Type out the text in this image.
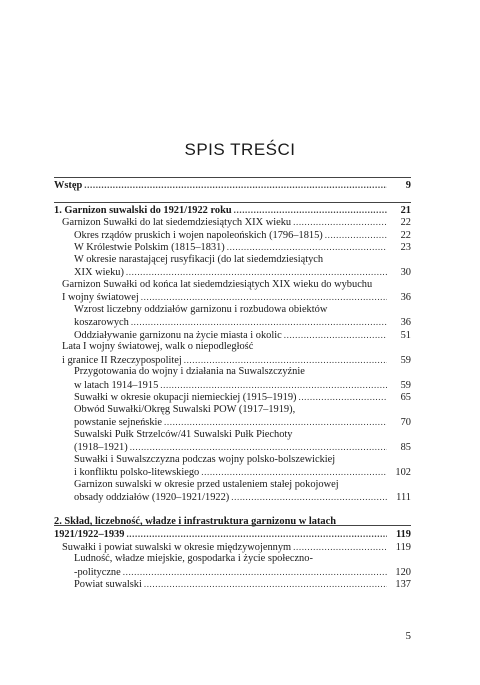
SPIS TREŚCI
Wstęp .....	9
1. Garnizon suwalski do 1921/1922 roku .....	21
Garnizon Suwałki do lat siedemdziesiątych XIX wieku .....	22
Okres rządów pruskich i wojen napoleońskich (1796–1815) .....	22
W Królestwie Polskim (1815–1831) .....	23
W okresie narastającej rusyfikacji (do lat siedemdziesiątych
XIX wieku) .....	30
Garnizon Suwałki od końca lat siedemdziesiątych XIX wieku do wybuchu
I wojny światowej .....	36
Wzrost liczebny oddziałów garnizonu i rozbudowa obiektów
koszarowych .....	36
Oddziaływanie garnizonu na życie miasta i okolic .....	51
Lata I wojny światowej, walk o niepodległość
i granice II Rzeczypospolitej .....	59
Przygotowania do wojny i działania na Suwalszczyźnie
w latach 1914–1915 .....	59
Suwałki w okresie okupacji niemieckiej (1915–1919) .....	65
Obwód Suwałki/Okręg Suwalski POW (1917–1919),
powstanie sejneńskie .....	70
Suwalski Pułk Strzelców/41 Suwalski Pułk Piechoty
(1918–1921) .....	85
Suwałki i Suwalszczyzna podczas wojny polsko-bolszewickiej
i konfliktu polsko-litewskiego .....	102
Garnizon suwalski w okresie przed ustaleniem stałej pokojowej
obsady oddziałów (1920–1921/1922) .....	111
2. Skład, liczebność, władze i infrastruktura garnizonu w latach
1921/1922–1939 .....	119
Suwałki i powiat suwalski w okresie międzywojennym .....	119
Ludność, władze miejskie, gospodarka i życie społeczno-
-polityczne .....	120
Powiat suwalski .....	137
5
